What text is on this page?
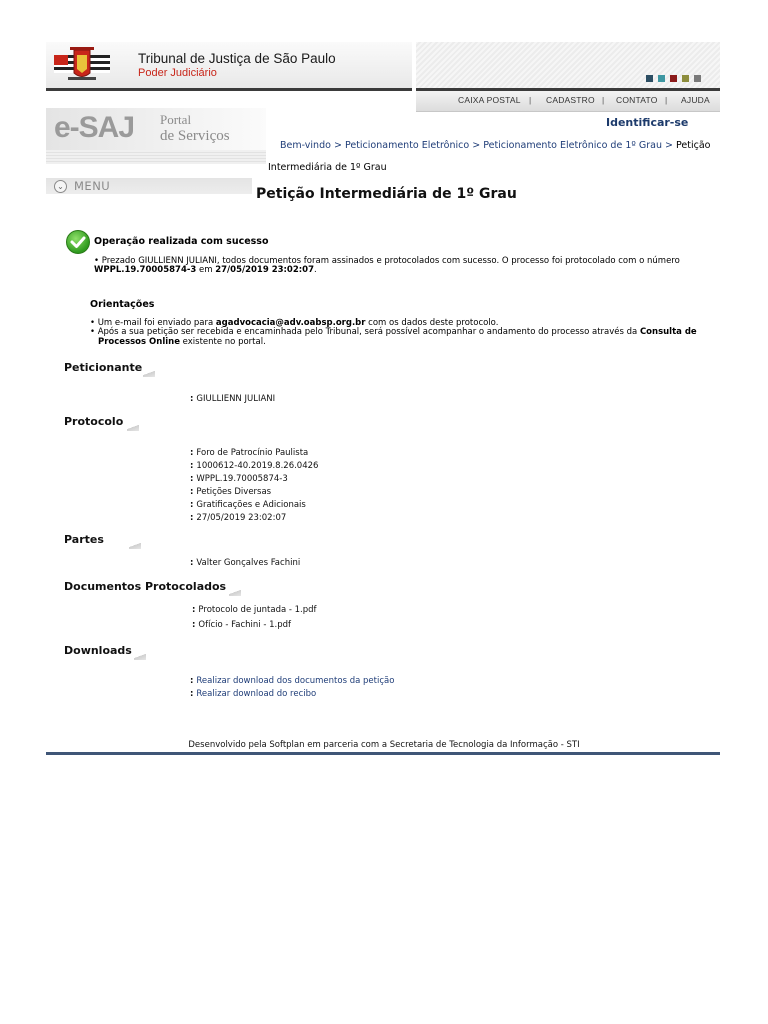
Tribunal de Justiça de São Paulo
Poder Judiciário
CAIXA POSTAL | CADASTRO | CONTATO | AJUDA
e-SAJ Portal
de Serviços
Identificar-se
Bem-vindo > Peticionamento Eletrônico > Peticionamento Eletrônico de 1º Grau > Petição
Intermediária de 1º Grau
⌄ MENU	Petição Intermediária de 1º Grau
Operação realizada com sucesso
• Prezado GIULLIENN JULIANI, todos documentos foram assinados e protocolados com sucesso. O processo foi protocolado com o número
WPPL.19.70005874-3 em 27/05/2019 23:02:07.
Orientações
• Um e-mail foi enviado para agadvocacia@adv.oabsp.org.br com os dados deste protocolo.
• Após a sua petição ser recebida e encaminhada pelo Tribunal, será possível acompanhar o andamento do processo através da Consulta de
Processos Online existente no portal.
Peticionante
: GIULLIENN JULIANI
Protocolo
: Foro de Patrocínio Paulista
: 1000612-40.2019.8.26.0426
: WPPL.19.70005874-3
: Petições Diversas
: Gratificações e Adicionais
: 27/05/2019 23:02:07
Partes
: Valter Gonçalves Fachini
Documentos Protocolados
: Protocolo de juntada - 1.pdf
: Ofício - Fachini - 1.pdf
Downloads
: Realizar download dos documentos da petição
: Realizar download do recibo
Desenvolvido pela Softplan em parceria com a Secretaria de Tecnologia da Informação - STI
